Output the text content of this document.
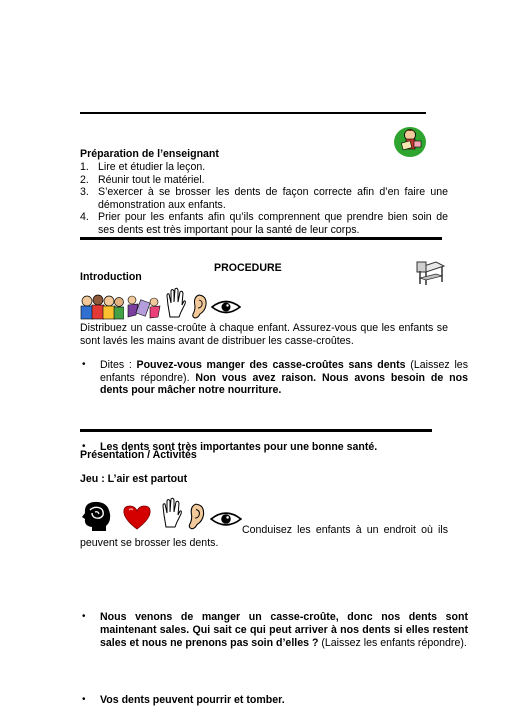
Préparation de l’enseignant

1. Lire et étudier la leçon.
2. Réunir tout le matériel.
3. S’exercer à se brosser les dents de façon correcte afin d’en faire une démonstration aux enfants.
4. Prier pour les enfants afin qu’ils comprennent que prendre bien soin de ses dents est très important pour la santé de leur corps.

PROCEDURE

Introduction

Distribuez un casse-croûte à chaque enfant. Assurez-vous que les enfants se sont lavés les mains avant de distribuer les casse-croûtes.

• Dites : Pouvez-vous manger des casse-croûtes sans dents (Laissez les enfants répondre). Non vous avez raison. Nous avons besoin de nos dents pour mâcher notre nourriture.
• Les dents sont très importantes pour une bonne santé.

Présentation / Activités

Jeu : L’air est partout

Conduisez les enfants à un endroit où ils peuvent se brosser les dents.

• Nous venons de manger un casse-croûte, donc nos dents sont maintenant sales. Qui sait ce qui peut arriver à nos dents si elles restent sales et nous ne prenons pas soin d’elles ? (Laissez les enfants répondre).
• Vos dents peuvent pourrir et tomber.
